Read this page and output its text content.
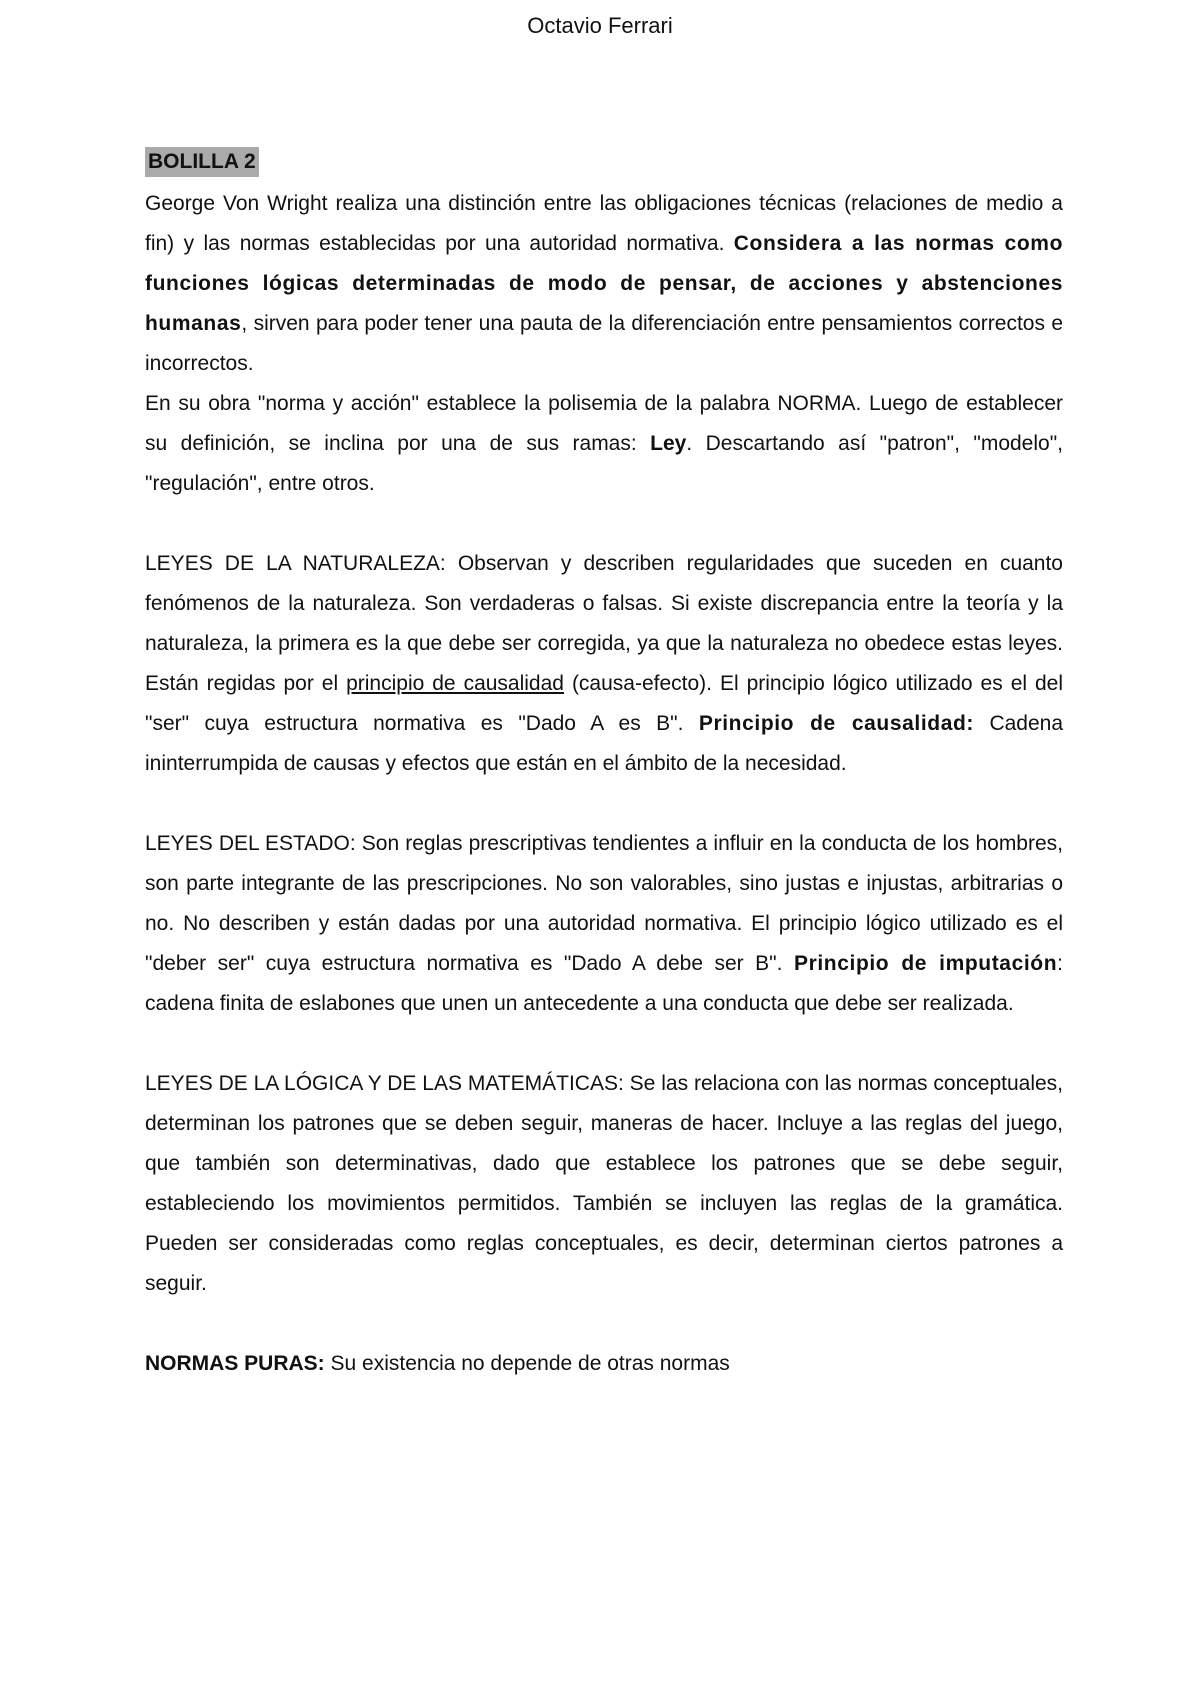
Octavio Ferrari
BOLILLA 2

George Von Wright realiza una distinción entre las obligaciones técnicas (relaciones de medio a fin) y las normas establecidas por una autoridad normativa. Considera a las normas como funciones lógicas determinadas de modo de pensar, de acciones y abstenciones humanas, sirven para poder tener una pauta de la diferenciación entre pensamientos correctos e incorrectos.

En su obra "norma y acción" establece la polisemia de la palabra NORMA. Luego de establecer su definición, se inclina por una de sus ramas: Ley. Descartando así "patron", "modelo", "regulación", entre otros.

LEYES DE LA NATURALEZA: Observan y describen regularidades que suceden en cuanto fenómenos de la naturaleza. Son verdaderas o falsas. Si existe discrepancia entre la teoría y la naturaleza, la primera es la que debe ser corregida, ya que la naturaleza no obedece estas leyes. Están regidas por el principio de causalidad (causa-efecto). El principio lógico utilizado es el del "ser" cuya estructura normativa es "Dado A es B". Principio de causalidad: Cadena ininterrumpida de causas y efectos que están en el ámbito de la necesidad.

LEYES DEL ESTADO: Son reglas prescriptivas tendientes a influir en la conducta de los hombres, son parte integrante de las prescripciones. No son valorables, sino justas e injustas, arbitrarias o no. No describen y están dadas por una autoridad normativa. El principio lógico utilizado es el "deber ser" cuya estructura normativa es "Dado A debe ser B". Principio de imputación: cadena finita de eslabones que unen un antecedente a una conducta que debe ser realizada.

LEYES DE LA LÓGICA Y DE LAS MATEMÁTICAS: Se las relaciona con las normas conceptuales, determinan los patrones que se deben seguir, maneras de hacer. Incluye a las reglas del juego, que también son determinativas, dado que establece los patrones que se debe seguir, estableciendo los movimientos permitidos. También se incluyen las reglas de la gramática. Pueden ser consideradas como reglas conceptuales, es decir, determinan ciertos patrones a seguir.

NORMAS PURAS: Su existencia no depende de otras normas
